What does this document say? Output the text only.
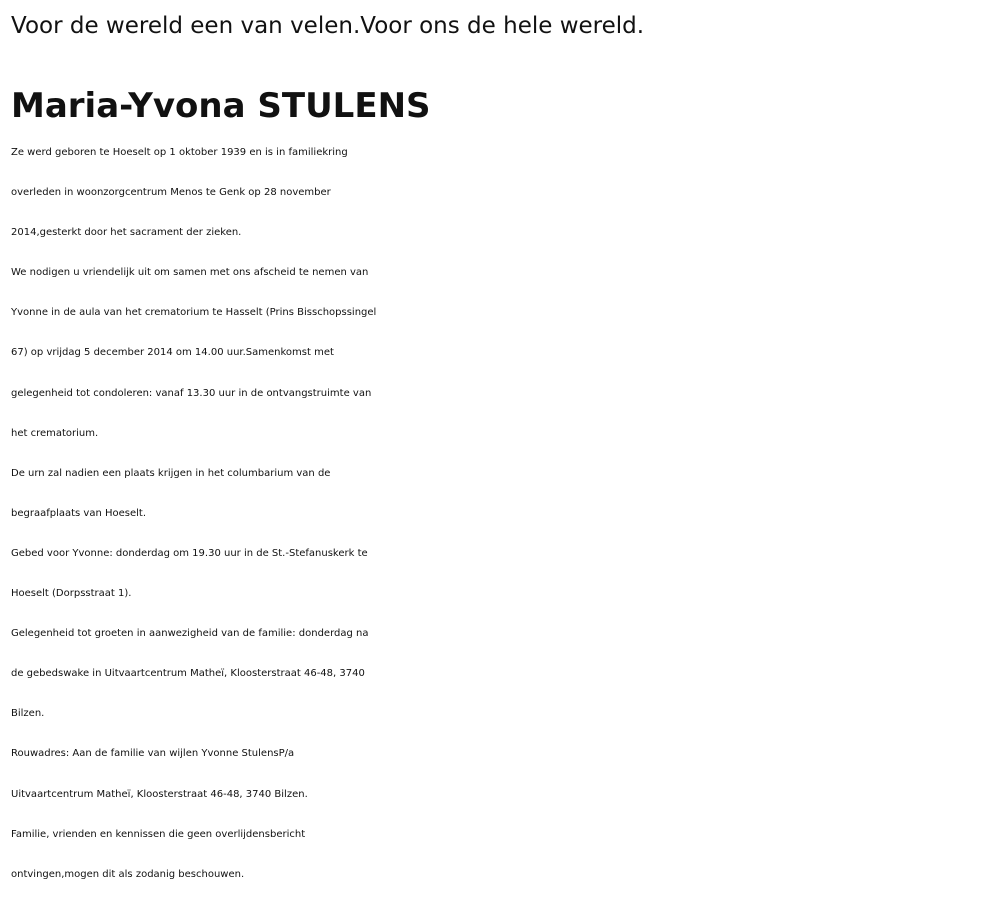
Voor de wereld een van velen.Voor ons de hele wereld.
Maria-Yvona STULENS
Ze werd geboren te Hoeselt op 1 oktober 1939 en is in familiekring
overleden in woonzorgcentrum Menos te Genk op 28 november
2014,gesterkt door het sacrament der zieken.
We nodigen u vriendelijk uit om samen met ons afscheid te nemen van
Yvonne in de aula van het crematorium te Hasselt (Prins Bisschopssingel
67) op vrijdag 5 december 2014 om 14.00 uur.Samenkomst met
gelegenheid tot condoleren: vanaf 13.30 uur in de ontvangstruimte van
het crematorium.
De urn zal nadien een plaats krijgen in het columbarium van de
begraafplaats van Hoeselt.
Gebed voor Yvonne: donderdag om 19.30 uur in de St.-Stefanuskerk te
Hoeselt (Dorpsstraat 1).
Gelegenheid tot groeten in aanwezigheid van de familie: donderdag na
de gebedswake in Uitvaartcentrum Matheï, Kloosterstraat 46-48, 3740
Bilzen.
Rouwadres: Aan de familie van wijlen Yvonne StulensP/a
Uitvaartcentrum Matheï, Kloosterstraat 46-48, 3740 Bilzen.
Familie, vrienden en kennissen die geen overlijdensbericht
ontvingen,mogen dit als zodanig beschouwen.
